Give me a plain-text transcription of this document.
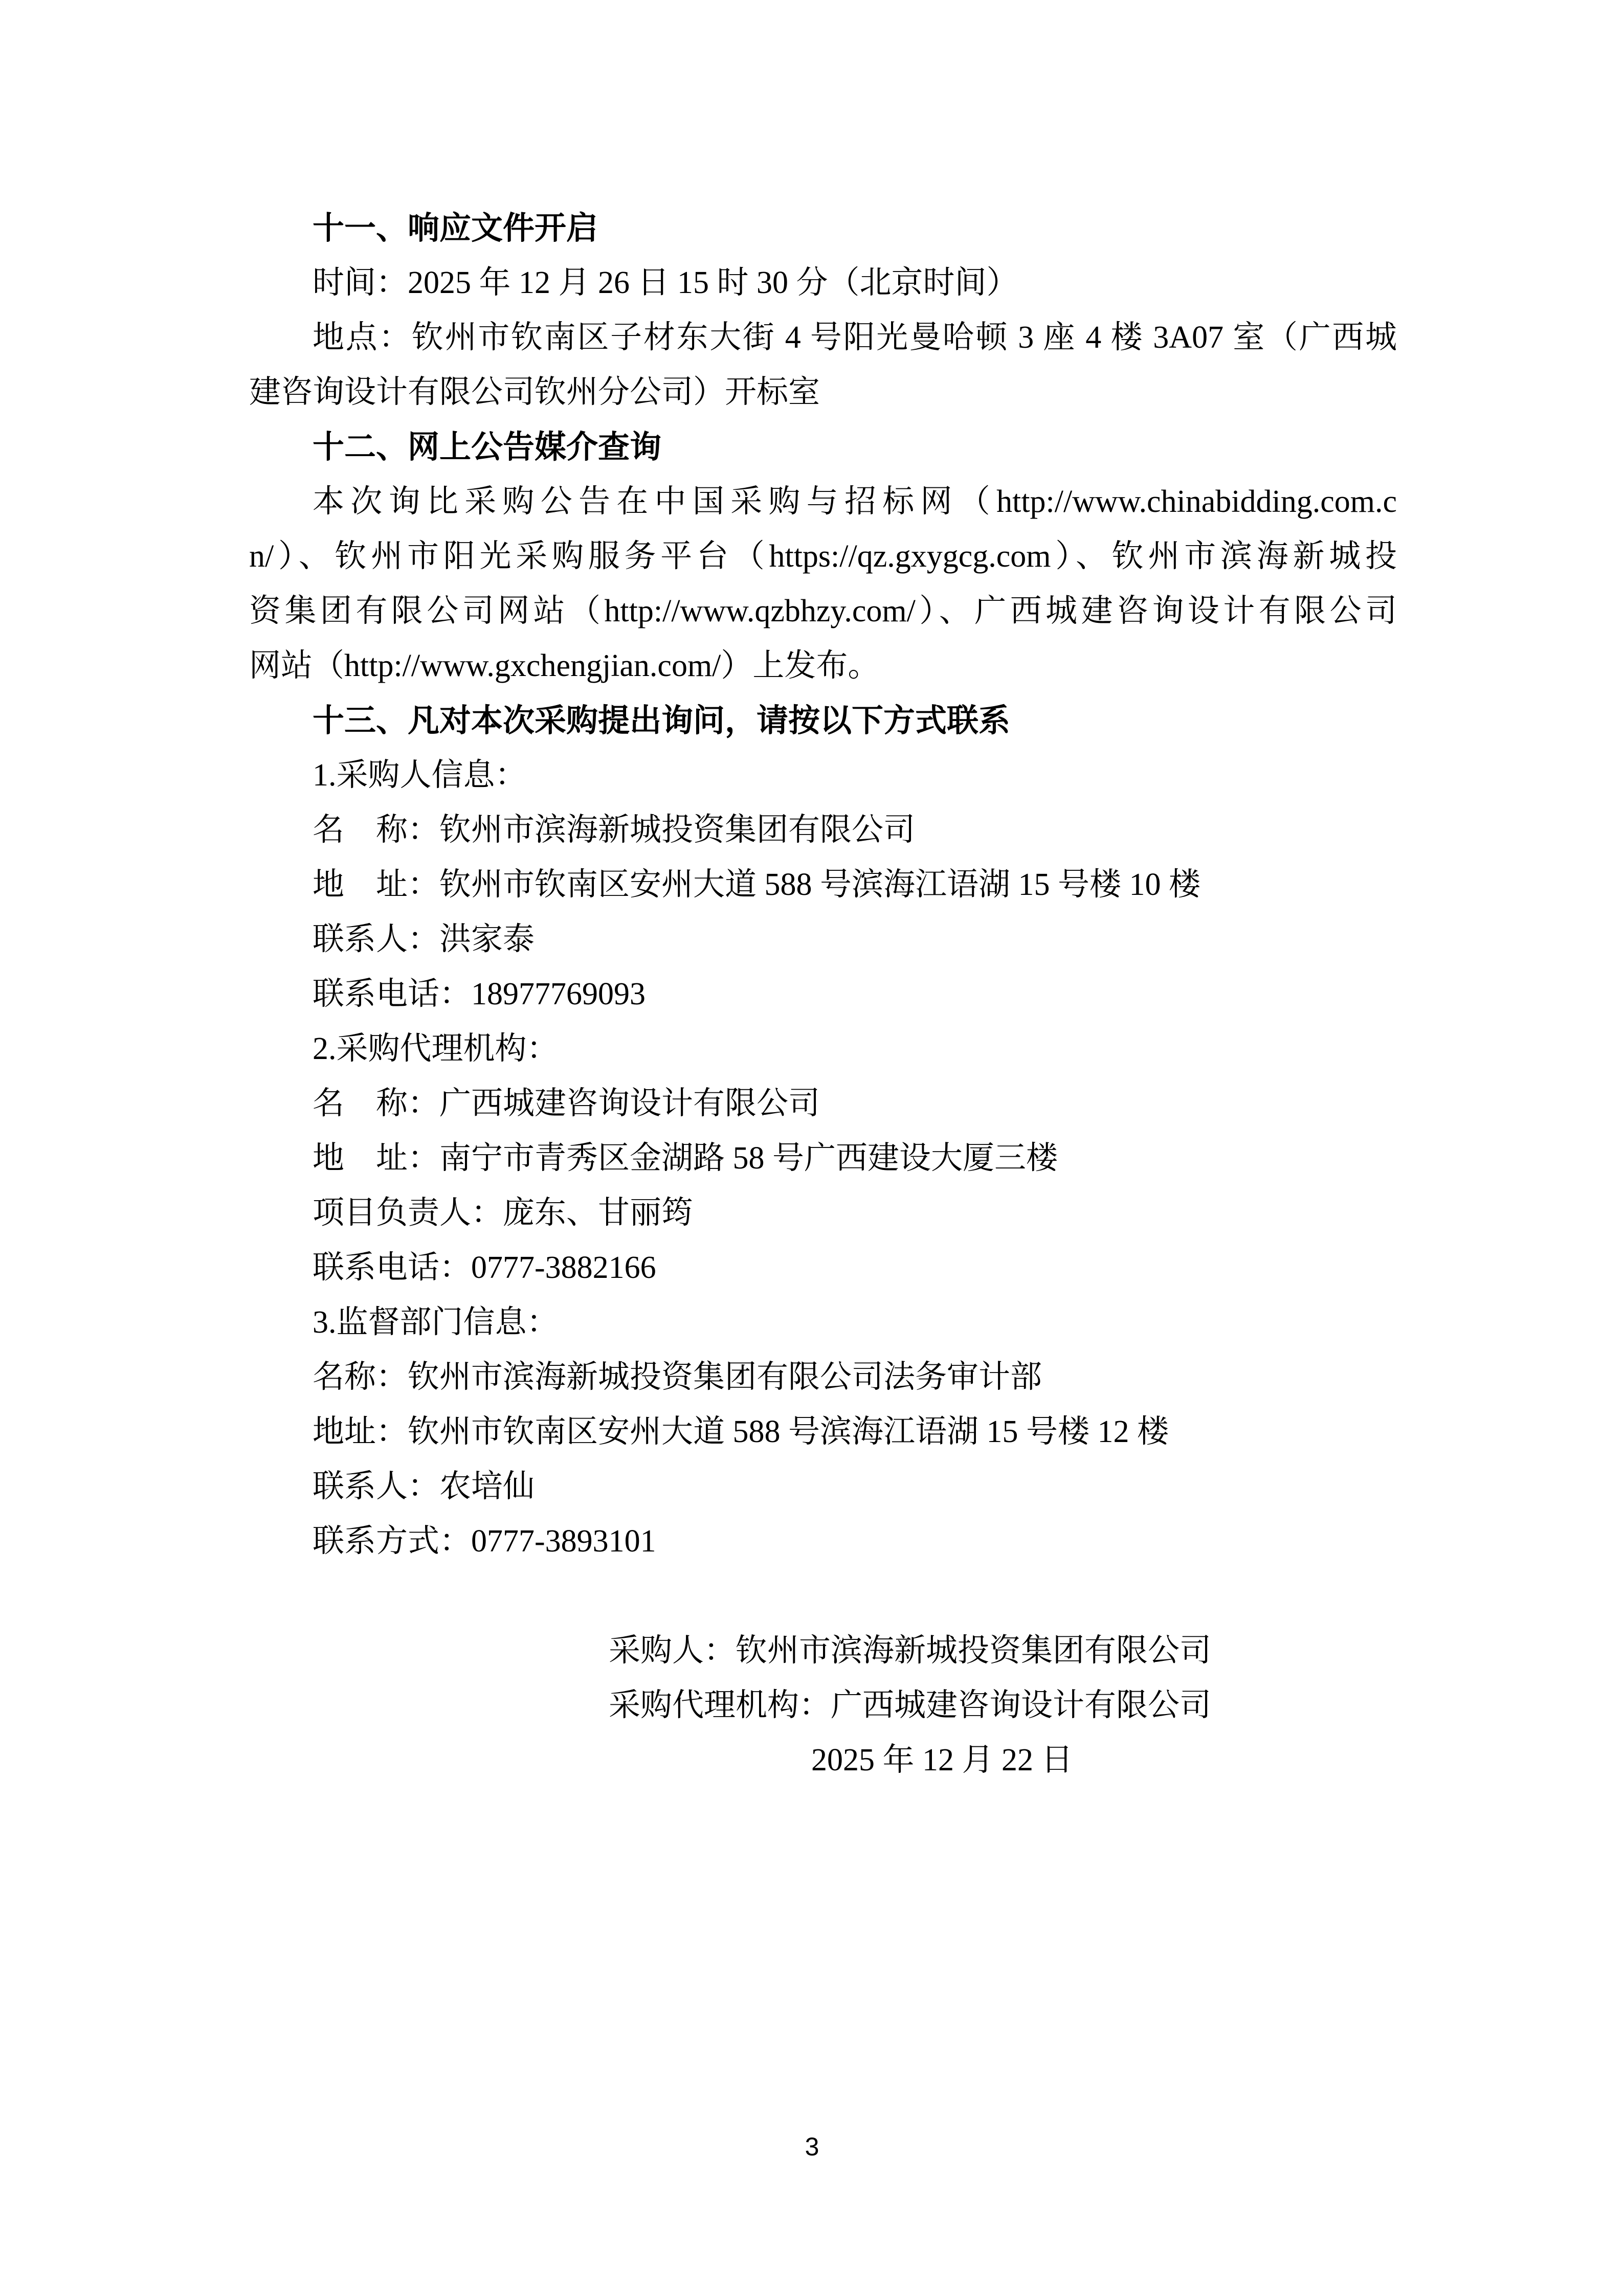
十一、响应文件开启
时间：2025 年 12 月 26 日 15 时 30 分（北京时间）
地点：钦州市钦南区子材东大街 4 号阳光曼哈顿 3 座 4 楼 3A07 室（广西城
建咨询设计有限公司钦州分公司）开标室
十二、网上公告媒介查询
本次询比采购公告在中国采购与招标网（http://www.chinabidding.com.c
n/）、钦州市阳光采购服务平台（https://qz.gxygcg.com）、钦州市滨海新城投
资集团有限公司网站（http://www.qzbhzy.com/）、广西城建咨询设计有限公司
网站（http://www.gxchengjian.com/）上发布。
十三、凡对本次采购提出询问，请按以下方式联系
1.采购人信息：
名　称：钦州市滨海新城投资集团有限公司
地　址：钦州市钦南区安州大道 588 号滨海江语湖 15 号楼 10 楼
联系人：洪家泰
联系电话：18977769093
2.采购代理机构：
名　称：广西城建咨询设计有限公司
地　址：南宁市青秀区金湖路 58 号广西建设大厦三楼
项目负责人：庞东、甘丽筠
联系电话：0777-3882166
3.监督部门信息：
名称：钦州市滨海新城投资集团有限公司法务审计部
地址：钦州市钦南区安州大道 588 号滨海江语湖 15 号楼 12 楼
联系人：农培仙
联系方式：0777-3893101
采购人：钦州市滨海新城投资集团有限公司
采购代理机构：广西城建咨询设计有限公司
2025 年 12 月 22 日
3
